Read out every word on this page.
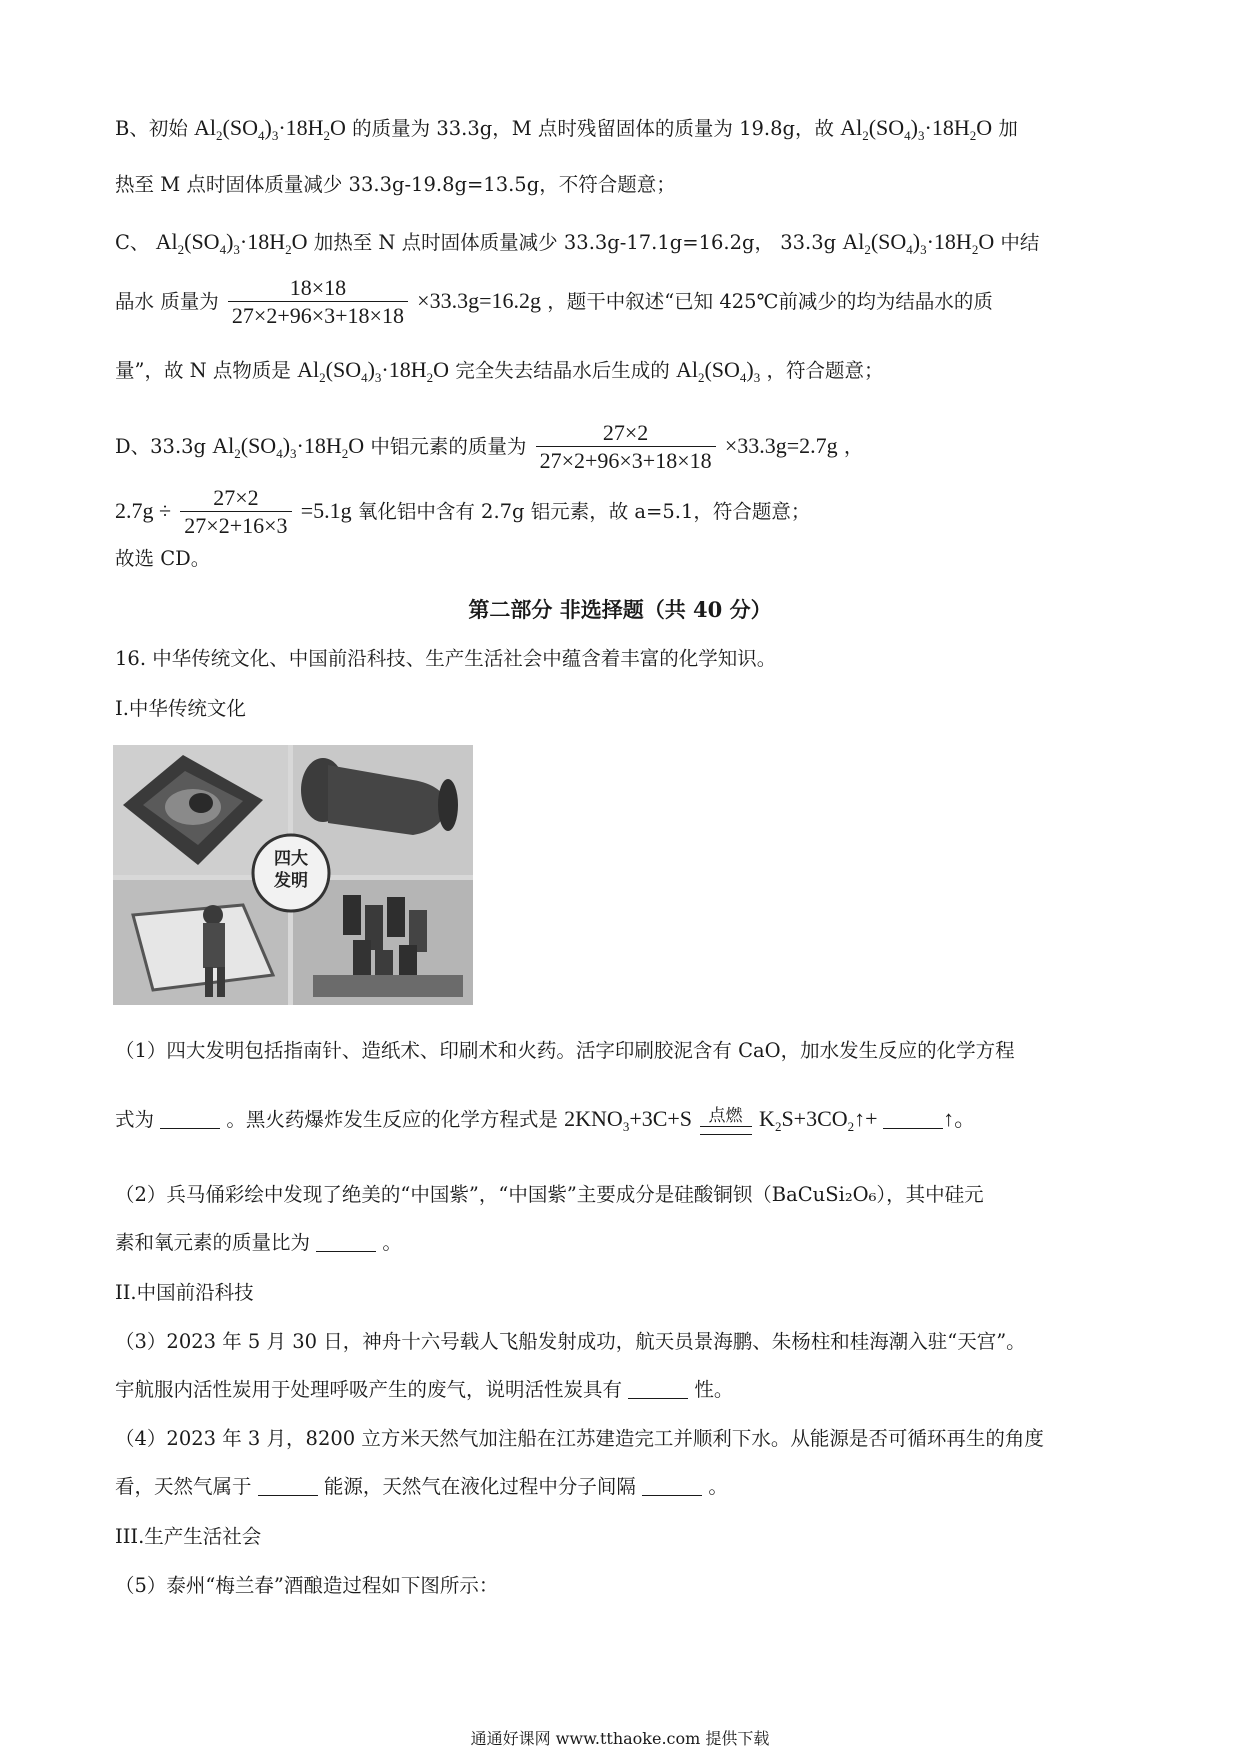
B、初始 $Al_2(SO_4)_3\cdot 18H_2O$ 的质量为 33.3g，M 点时残留固体的质量为 19.8g，故 $Al_2(SO_4)_3\cdot 18H_2O$ 加
热至 M 点时固体质量减少 33.3g-19.8g=13.5g，不符合题意；
C、 $Al_2(SO_4)_3\cdot 18H_2O$ 加热至 N 点时固体质量减少 33.3g-17.1g=16.2g， 33.3g $Al_2(SO_4)_3\cdot 18H_2O$ 中结
晶水 质量为 $\frac{18\times 18}{27\times 2+96\times 3+18\times 18} \times 33.3g=16.2g$ ，题干中叙述“已知 425℃前减少的均为结晶水的质
量”，故 N 点物质是 $Al_2(SO_4)_3\cdot 18H_2O$ 完全失去结晶水后生成的 $Al_2(SO_4)_3$ ，符合题意；
D、33.3g $Al_2(SO_4)_3\cdot 18H_2O$ 中铝元素的质量为 $\frac{27\times 2}{27\times 2+96\times 3+18\times 18} \times 33.3g=2.7g$ ，
$2.7g \div \frac{27\times 2}{27\times 2+16\times 3} =5.1g$ 氧化铝中含有 2.7g 铝元素，故 a=5.1，符合题意；
故选 CD。
第二部分 非选择题（共 40 分）
16. 中华传统文化、中国前沿科技、生产生活社会中蕴含着丰富的化学知识。
I.中华传统文化
四大
发明
（1）四大发明包括指南针、造纸术、印刷术和火药。活字印刷胶泥含有 CaO，加水发生反应的化学方程
式为	。黑火药爆炸发生反应的化学方程式是 $2KNO_3+3C+S$ 点燃 $K_2S+3CO_2↑+$	↑。
（2）兵马俑彩绘中发现了绝美的“中国紫”，“中国紫”主要成分是硅酸铜钡（BaCuSi₂O₆），其中硅元
素和氧元素的质量比为	。
II.中国前沿科技
（3）2023 年 5 月 30 日，神舟十六号载人飞船发射成功，航天员景海鹏、朱杨柱和桂海潮入驻“天宫”。
宇航服内活性炭用于处理呼吸产生的废气，说明活性炭具有	性。
（4）2023 年 3 月，8200 立方米天然气加注船在江苏建造完工并顺利下水。从能源是否可循环再生的角度
看，天然气属于	能源，天然气在液化过程中分子间隔	。
III.生产生活社会
（5）泰州“梅兰春”酒酿造过程如下图所示：
通通好课网 www.tthaoke.com 提供下载
